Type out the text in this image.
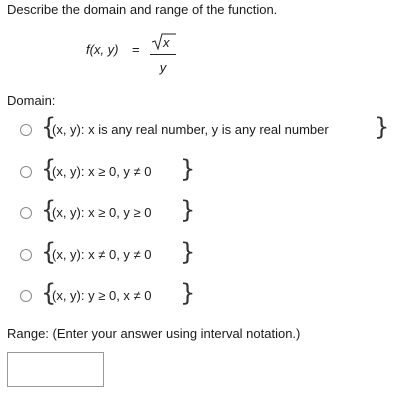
Describe the domain and range of the function.
f(x, y) = x
y
Domain:
{
(x, y): x is any real number, y is any real number }
{
(x, y): x ≥ 0, y ≠ 0 }
{
(x, y): x ≥ 0, y ≥ 0 }
{
(x, y): x ≠ 0, y ≠ 0 }
{
(x, y): y ≥ 0, x ≠ 0 }
Range: (Enter your answer using interval notation.)
